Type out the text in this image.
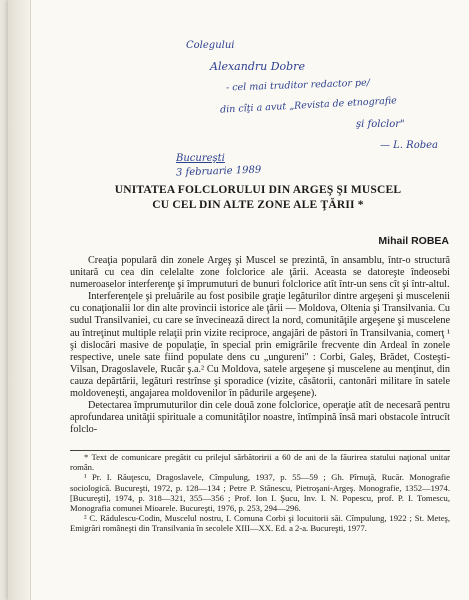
Colegului
Alexandru Dobre
- cel mai truditor redactor pe/
din cîţi a avut „Revista de etnografie
şi folclor"
— L. Robea
Bucureşti
3 februarie 1989
UNITATEA FOLCLORULUI DIN ARGEŞ ŞI MUSCEL
CU CEL DIN ALTE ZONE ALE ŢĂRII *
Mihail ROBEA

Creaţia populară din zonele Argeş şi Muscel se prezintă, în ansamblu, într-o structură unitară cu cea din celelalte zone folclorice ale ţării. Aceasta se datoreşte îndeosebi numeroaselor interferenţe şi împrumuturi de bunuri folclorice atît într-un sens cît şi într-altul.

Interferenţele şi preluările au fost posibile graţie legăturilor dintre argeşeni şi muscelenii cu conaţionalii lor din alte provincii istorice ale ţării — Moldova, Oltenia şi Transilvania. Cu sudul Transilvaniei, cu care se învecinează direct la nord, comunităţile argeşene şi muscelene au întreţinut multiple relaţii prin vizite reciproce, angajări de păstori în Transilvania, comerţ ¹ şi dislocări masive de populaţie, în special prin emigrările frecvente din Ardeal în zonele respective, unele sate fiind populate dens cu „ungureni" : Corbi, Galeş, Brădet, Costeşti-Vilsan, Dragoslavele, Rucăr ş.a.² Cu Moldova, satele argeşene şi muscelene au menţinut, din cauza depărtării, legături restrînse şi sporadice (vizite, căsătorii, cantonări militare în satele moldoveneşti, angajarea moldovenilor în pădurile argeşene).

Detectarea împrumuturilor din cele două zone folclorice, operaţie atît de necesară pentru aprofundarea unităţii spirituale a comunităţilor noastre, întîmpină însă mari obstacole întrucît folclo-

* Text de comunicare pregătit cu prilejul sărbătoririi a 60 de ani de la făurirea statului naţional unitar român.

¹ Pr. I. Răuţescu, Dragoslavele, Cîmpulung, 1937, p. 55—59 ; Gh. Pîrnuţă, Rucăr. Monografie sociologică. Bucureşti, 1972, p. 128—134 ; Petre P. Stănescu, Pietroşani-Argeş. Monografie, 1352—1974. [Bucureşti], 1974, p. 318—321, 355—356 ; Prof. Ion I. Şucu, Inv. I. N. Popescu, prof. P. I. Tomescu, Monografia comunei Mioarele. Bucureşti, 1976, p. 253, 294—296.

² C. Rădulescu-Codin, Muscelul nostru, I. Comuna Corbi şi locuitorii săi. Cîmpulung, 1922 ; St. Meteş, Emigrări româneşti din Transilvania în secolele XIII—XX. Ed. a 2-a. Bucureşti, 1977.
